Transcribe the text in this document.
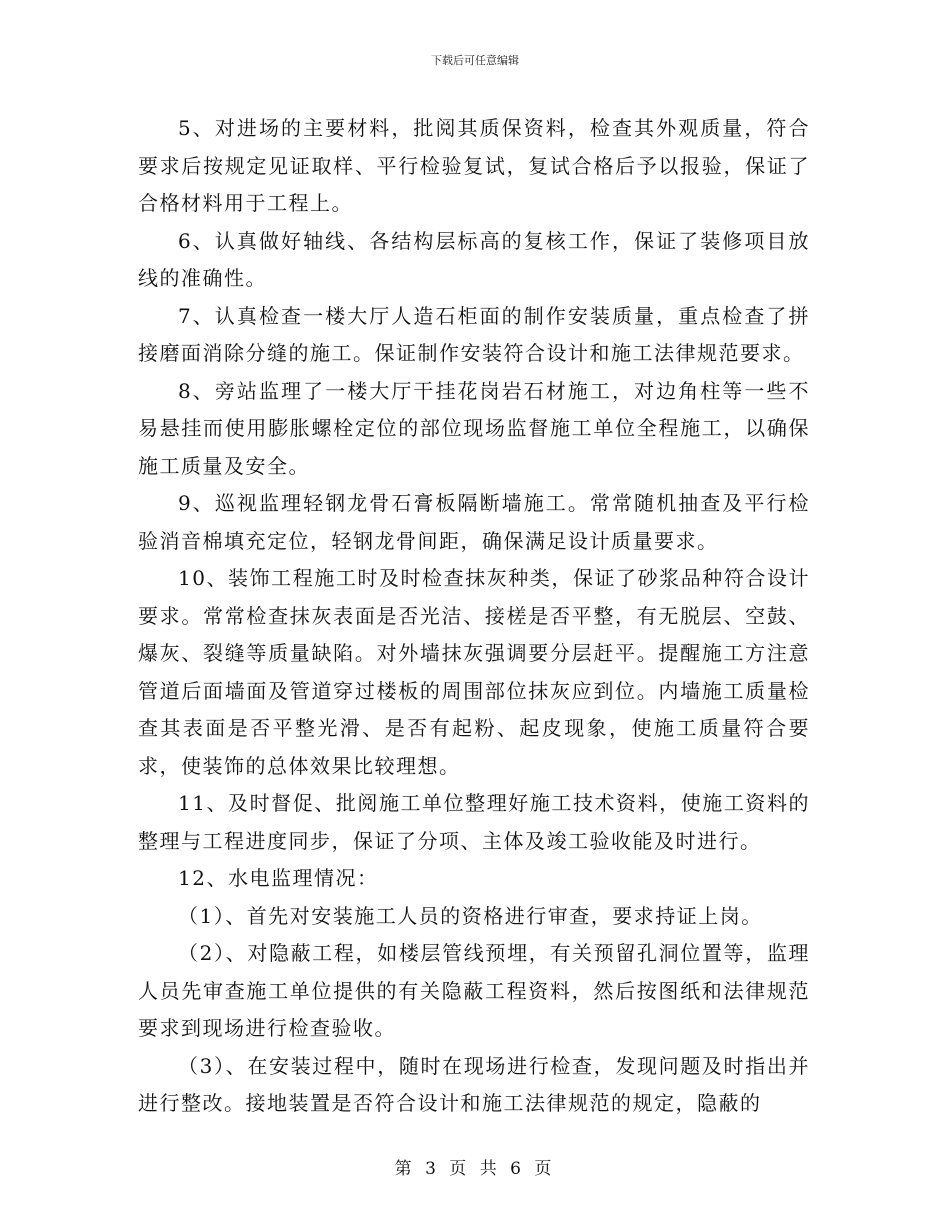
下载后可任意编辑

5、对进场的主要材料，批阅其质保资料，检查其外观质量，符合要求后按规定见证取样、平行检验复试，复试合格后予以报验，保证了合格材料用于工程上。

6、认真做好轴线、各结构层标高的复核工作，保证了装修项目放线的准确性。

7、认真检查一楼大厅人造石柜面的制作安装质量，重点检查了拼接磨面消除分缝的施工。保证制作安装符合设计和施工法律规范要求。

8、旁站监理了一楼大厅干挂花岗岩石材施工，对边角柱等一些不易悬挂而使用膨胀螺栓定位的部位现场监督施工单位全程施工，以确保施工质量及安全。

9、巡视监理轻钢龙骨石膏板隔断墙施工。常常随机抽查及平行检验消音棉填充定位，轻钢龙骨间距，确保满足设计质量要求。

10、装饰工程施工时及时检查抹灰种类，保证了砂浆品种符合设计要求。常常检查抹灰表面是否光洁、接槎是否平整，有无脱层、空鼓、爆灰、裂缝等质量缺陷。对外墙抹灰强调要分层赶平。提醒施工方注意管道后面墙面及管道穿过楼板的周围部位抹灰应到位。内墙施工质量检查其表面是否平整光滑、是否有起粉、起皮现象，使施工质量符合要求，使装饰的总体效果比较理想。

11、及时督促、批阅施工单位整理好施工技术资料，使施工资料的整理与工程进度同步，保证了分项、主体及竣工验收能及时进行。

12、水电监理情况：

（1）、首先对安装施工人员的资格进行审查，要求持证上岗。

（2）、对隐蔽工程，如楼层管线预埋，有关预留孔洞位置等，监理人员先审查施工单位提供的有关隐蔽工程资料，然后按图纸和法律规范要求到现场进行检查验收。

（3）、在安装过程中，随时在现场进行检查，发现问题及时指出并进行整改。接地装置是否符合设计和施工法律规范的规定，隐蔽的

第 3 页 共 6 页
